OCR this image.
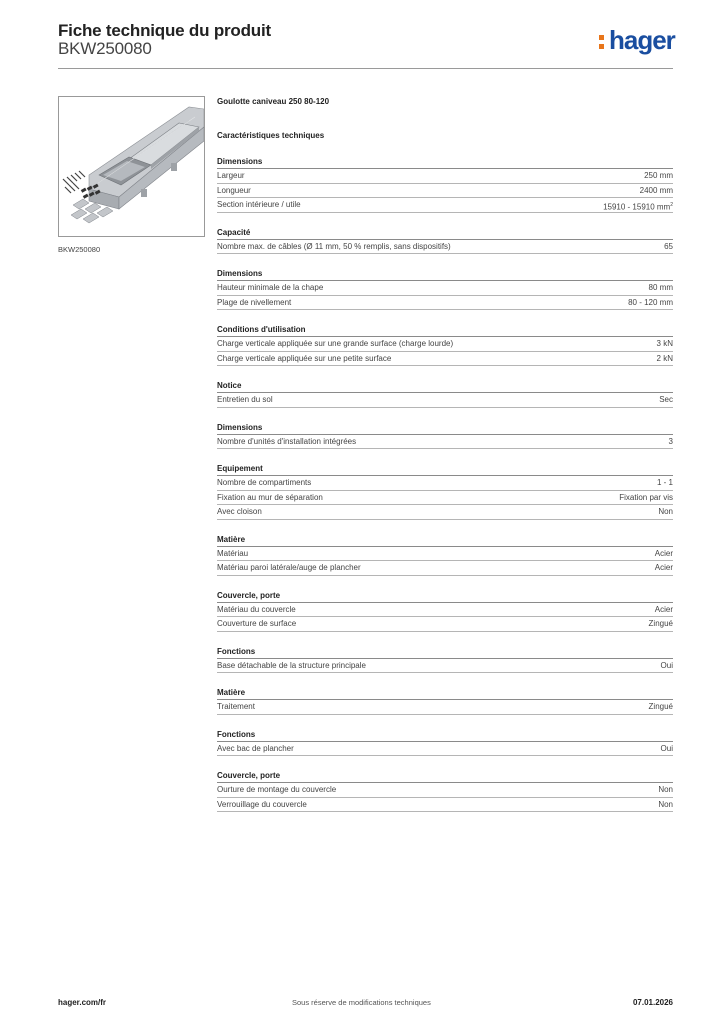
Fiche technique du produit
BKW250080	hager
BKW250080
Goulotte caniveau 250 80-120
Caractéristiques techniques
Dimensions
Largeur	250 mm
Longueur	2400 mm
Section intérieure / utile	15910 - 15910 $mm^2$
Capacité
Nombre max. de câbles (Ø 11 mm, 50 % remplis, sans dispositifs)	65
Dimensions
Hauteur minimale de la chape	80 mm
Plage de nivellement	80 - 120 mm
Conditions d'utilisation
Charge verticale appliquée sur une grande surface (charge lourde)	3 kN
Charge verticale appliquée sur une petite surface	2 kN
Notice
Entretien du sol	Sec
Dimensions
Nombre d'unités d'installation intégrées	3
Equipement
Nombre de compartiments	1 - 1
Fixation au mur de séparation	Fixation par vis
Avec cloison	Non
Matière
Matériau	Acier
Matériau paroi latérale/auge de plancher	Acier
Couvercle, porte
Matériau du couvercle	Acier
Couverture de surface	Zingué
Fonctions
Base détachable de la structure principale	Oui
Matière
Traitement	Zingué
Fonctions
Avec bac de plancher	Oui
Couvercle, porte
Ourture de montage du couvercle	Non
Verrouillage du couvercle	Non
hager.com/fr	Sous réserve de modifications techniques	07.01.2026
